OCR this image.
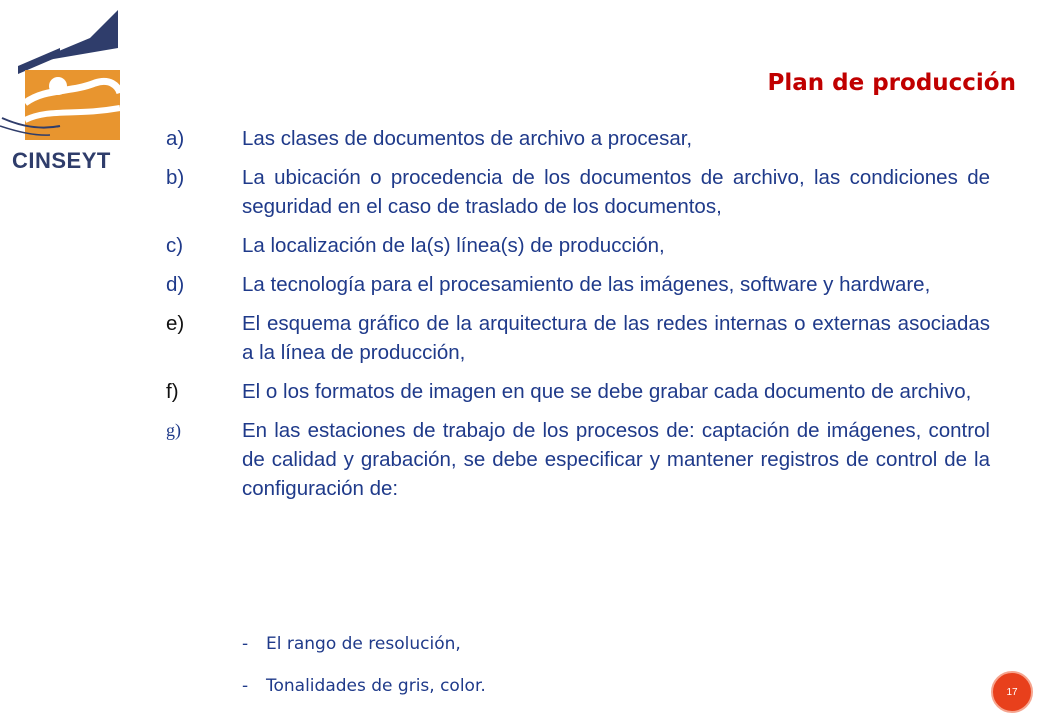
CINSEYT
Plan de producción
a)	Las clases de documentos de archivo a procesar,
b)	La ubicación o procedencia de los documentos de archivo, las condiciones de seguridad en el caso de traslado de los documentos,
c)	La localización de la(s) línea(s) de producción,
d)	La tecnología para el procesamiento de las imágenes, software y hardware,
e)	El esquema gráfico de la arquitectura de las redes internas o externas asociadas a la línea de producción,
f)	El o los formatos de imagen en que se debe grabar cada documento de archivo,
g)	En las estaciones de trabajo de los procesos de: captación de imágenes, control de calidad y grabación, se debe especificar y mantener registros de control de la configuración de:
-	El rango de resolución,
-	Tonalidades de gris, color.	17
